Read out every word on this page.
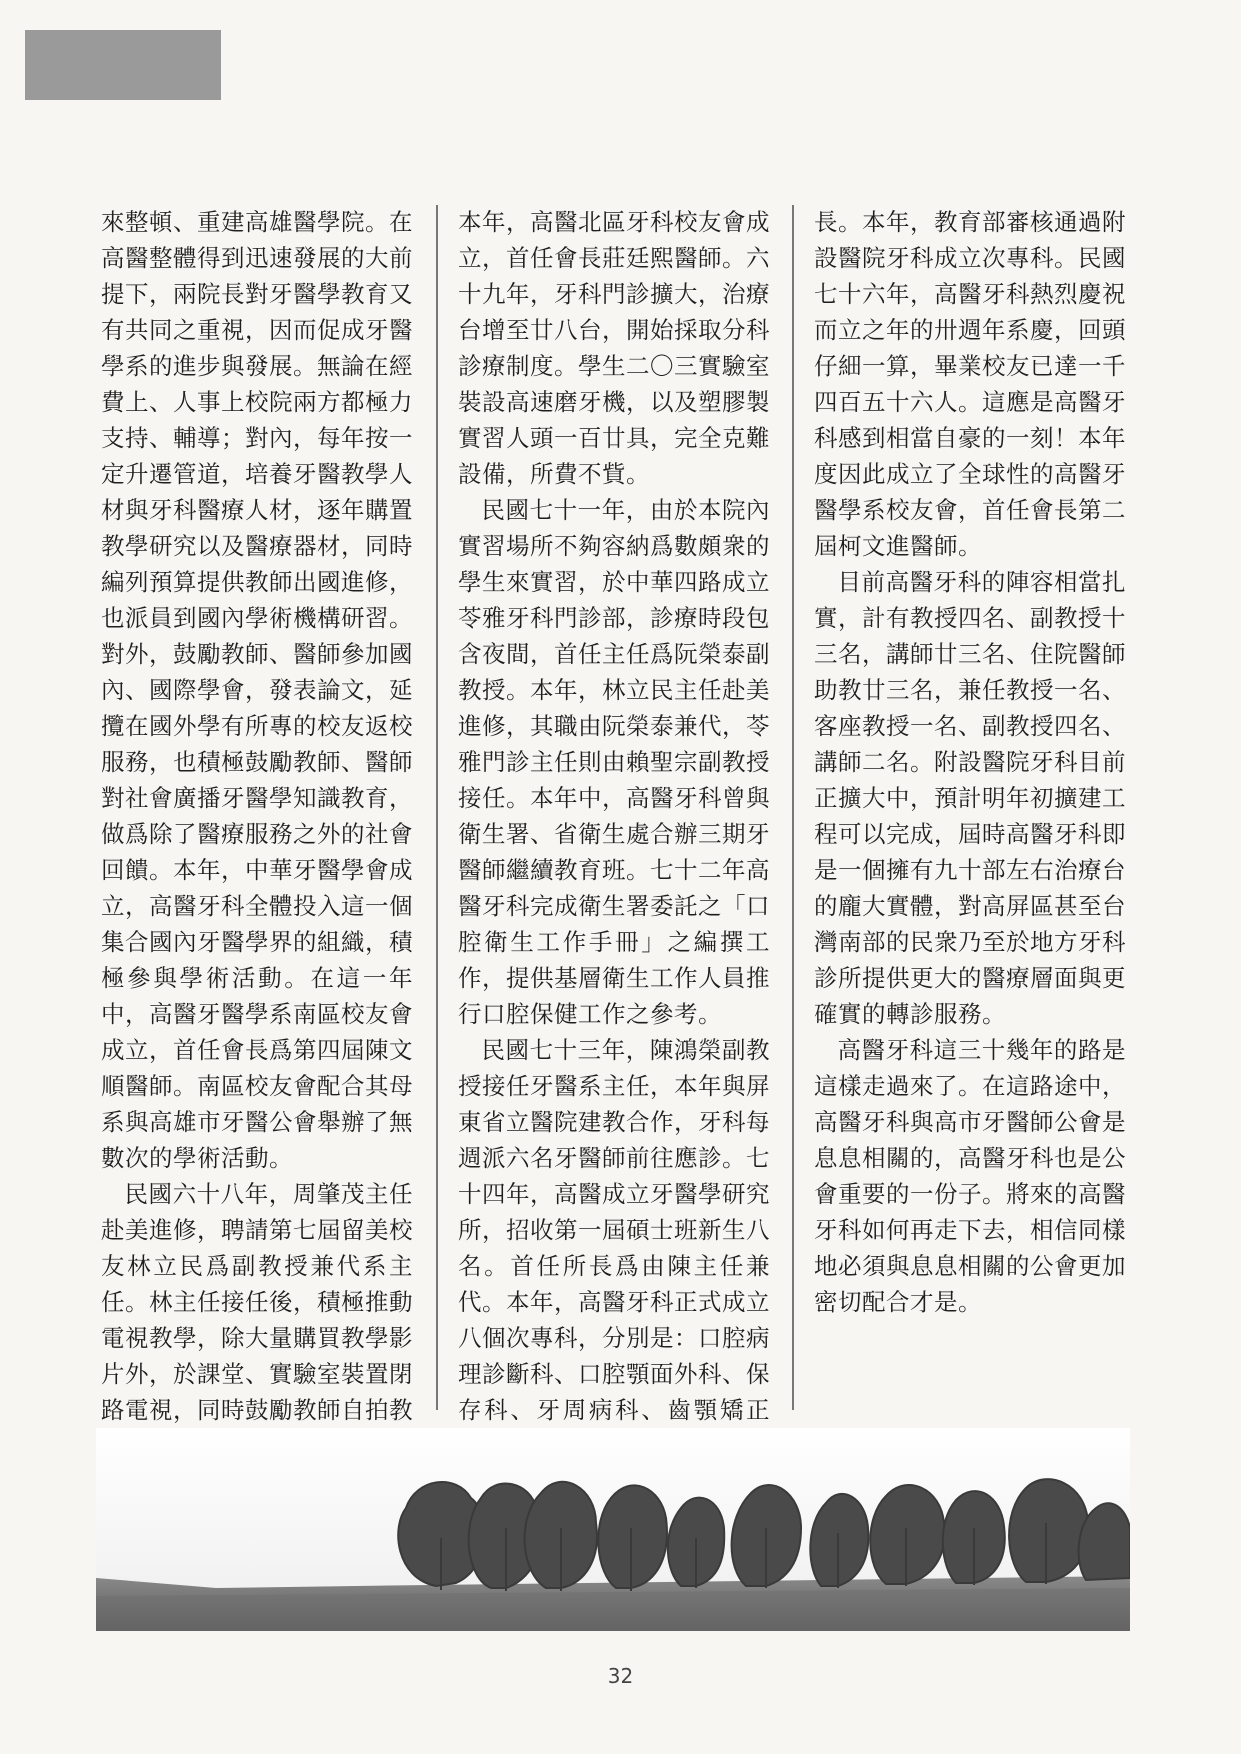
來整頓、重建高雄醫學院。在高醫整體得到迅速發展的大前提下，兩院長對牙醫學教育又有共同之重視，因而促成牙醫學系的進步與發展。無論在經費上、人事上校院兩方都極力支持、輔導；對內，每年按一定升遷管道，培養牙醫教學人材與牙科醫療人材，逐年購置教學研究以及醫療器材，同時編列預算提供教師出國進修，也派員到國內學術機構研習。對外，鼓勵教師、醫師參加國內、國際學會，發表論文，延攬在國外學有所專的校友返校服務，也積極鼓勵教師、醫師對社會廣播牙醫學知識教育，做爲除了醫療服務之外的社會回饋。本年，中華牙醫學會成立，高醫牙科全體投入這一個集合國內牙醫學界的組織，積極參與學術活動。在這一年中，高醫牙醫學系南區校友會成立，首任會長爲第四屆陳文順醫師。南區校友會配合其母系與高雄市牙醫公會舉辦了無數次的學術活動。

民國六十八年，周肇茂主任赴美進修，聘請第七屆留美校友林立民爲副教授兼代系主任。林主任接任後，積極推動電視教學，除大量購買教學影片外，於課堂、實驗室裝置閉路電視，同時鼓勵教師自拍教

本年，高醫北區牙科校友會成立，首任會長莊廷熙醫師。六十九年，牙科門診擴大，治療台增至廿八台，開始採取分科診療制度。學生二〇三實驗室裝設高速磨牙機，以及塑膠製實習人頭一百廿具，完全克難設備，所費不貲。

民國七十一年，由於本院內實習場所不夠容納爲數頗衆的學生來實習，於中華四路成立苓雅牙科門診部，診療時段包含夜間，首任主任爲阮榮泰副教授。本年，林立民主任赴美進修，其職由阮榮泰兼代，苓雅門診主任則由賴聖宗副教授接任。本年中，高醫牙科曾與衛生署、省衛生處合辦三期牙醫師繼續教育班。七十二年高醫牙科完成衛生署委託之「口腔衛生工作手冊」之編撰工作，提供基層衛生工作人員推行口腔保健工作之參考。

民國七十三年，陳鴻榮副教授接任牙醫系主任，本年與屏東省立醫院建教合作，牙科每週派六名牙醫師前往應診。七十四年，高醫成立牙醫學研究所，招收第一屆碩士班新生八名。首任所長爲由陳主任兼代。本年，高醫牙科正式成立八個次專科，分別是：口腔病理診斷科、口腔顎面外科、保存科、牙周病科、齒顎矯正

長。本年，教育部審核通過附設醫院牙科成立次專科。民國七十六年，高醫牙科熱烈慶祝而立之年的卅週年系慶，回頭仔細一算，畢業校友已達一千四百五十六人。這應是高醫牙科感到相當自豪的一刻！本年度因此成立了全球性的高醫牙醫學系校友會，首任會長第二屆柯文進醫師。

目前高醫牙科的陣容相當扎實，計有教授四名、副教授十三名，講師廿三名、住院醫師助教廿三名，兼任教授一名、客座教授一名、副教授四名、講師二名。附設醫院牙科目前正擴大中，預計明年初擴建工程可以完成，屆時高醫牙科即是一個擁有九十部左右治療台的龐大實體，對高屏區甚至台灣南部的民衆乃至於地方牙科診所提供更大的醫療層面與更確實的轉診服務。

高醫牙科這三十幾年的路是這樣走過來了。在這路途中，高醫牙科與高市牙醫師公會是息息相關的，高醫牙科也是公會重要的一份子。將來的高醫牙科如何再走下去，相信同樣地必須與息息相關的公會更加密切配合才是。

32
